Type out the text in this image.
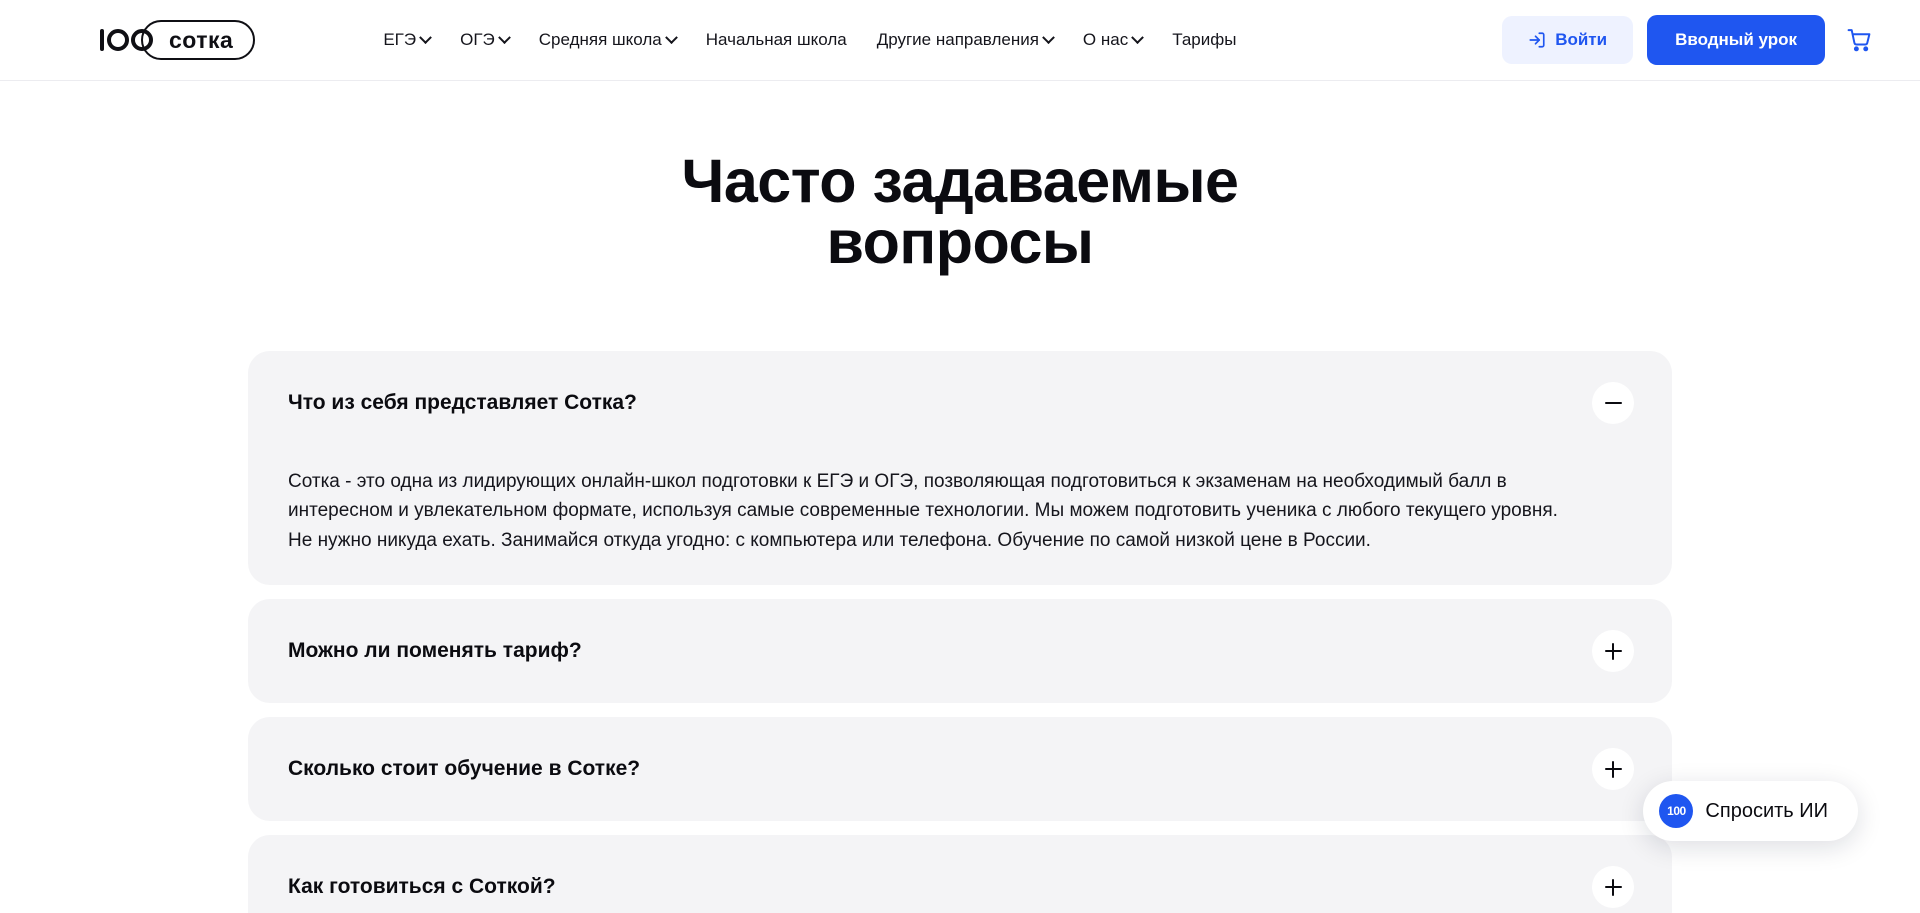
сотка	ЕГЭ	ОГЭ	Средняя школа	Начальная школа Другие направления	О нас	Тарифы	Войти	Вводный урок
Часто задаваемые вопросы
Что из себя представляет Сотка?
Сотка - это одна из лидирующих онлайн-школ подготовки к ЕГЭ и ОГЭ, позволяющая подготовиться к экзаменам на необходимый балл в интересном и увлекательном формате, используя самые современные технологии. Мы можем подготовить ученика с любого текущего уровня. Не нужно никуда ехать. Занимайся откуда угодно: с компьютера или телефона. Обучение по самой низкой цене в России.
Можно ли поменять тариф?
Сколько стоит обучение в Сотке?
Как готовиться с Соткой?
100 Спросить ИИ
